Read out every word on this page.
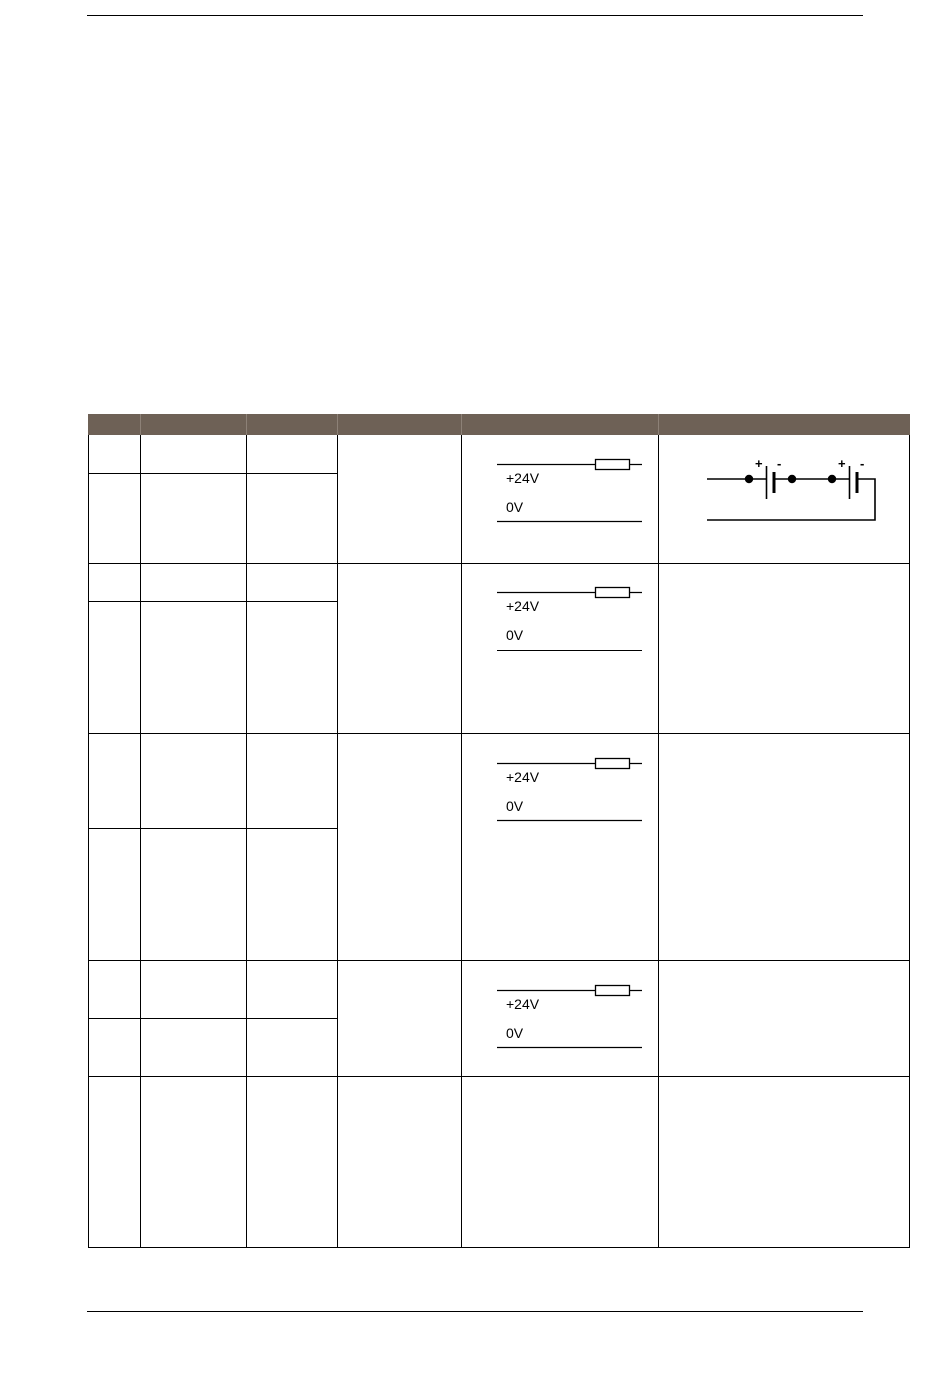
+24V
0V
+ -	+ -
+24V
0V
+24V
0V
+24V
0V
